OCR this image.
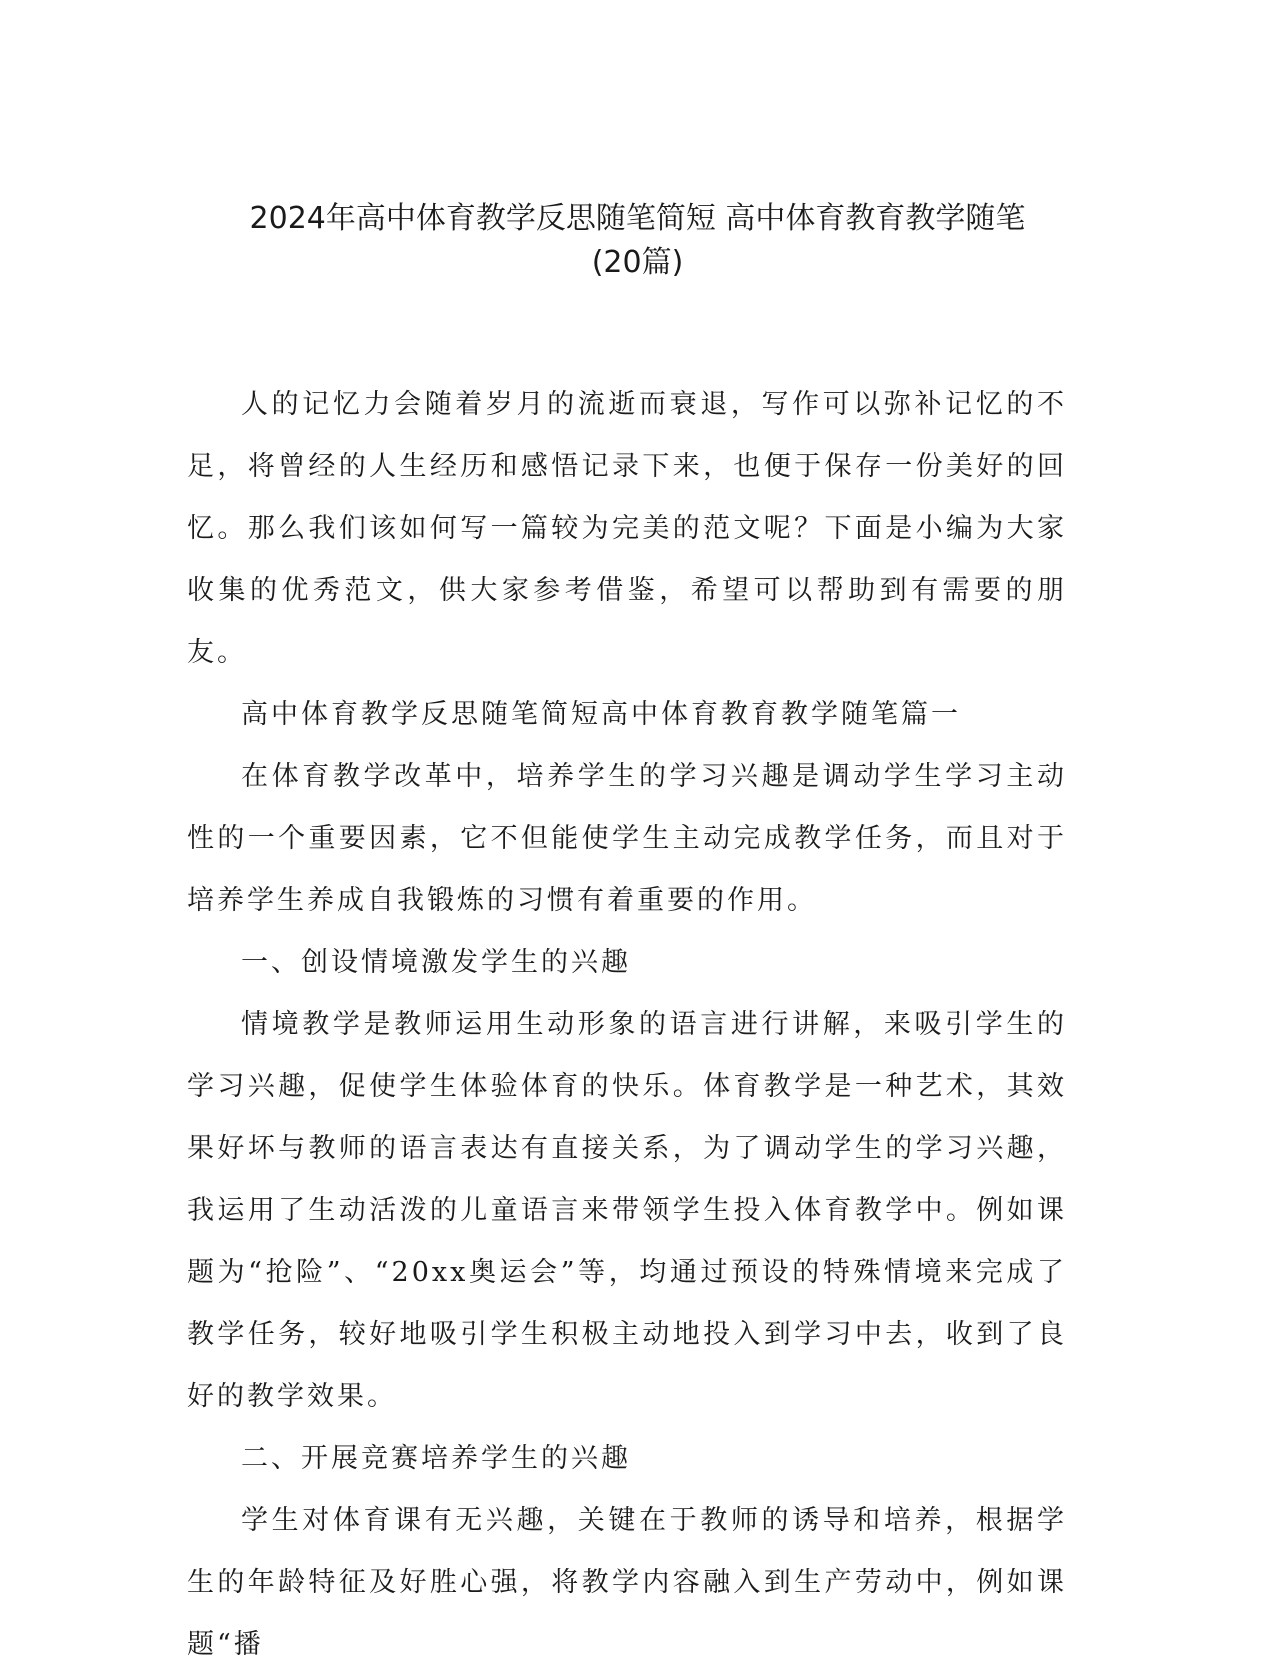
2024年高中体育教学反思随笔简短 高中体育教育教学随笔
(20篇)

人的记忆力会随着岁月的流逝而衰退，写作可以弥补记忆的不足，将曾经的人生经历和感悟记录下来，也便于保存一份美好的回忆。那么我们该如何写一篇较为完美的范文呢？下面是小编为大家收集的优秀范文，供大家参考借鉴，希望可以帮助到有需要的朋友。

高中体育教学反思随笔简短高中体育教育教学随笔篇一

在体育教学改革中，培养学生的学习兴趣是调动学生学习主动性的一个重要因素，它不但能使学生主动完成教学任务，而且对于培养学生养成自我锻炼的习惯有着重要的作用。

一、创设情境激发学生的兴趣

情境教学是教师运用生动形象的语言进行讲解，来吸引学生的学习兴趣，促使学生体验体育的快乐。体育教学是一种艺术，其效果好坏与教师的语言表达有直接关系，为了调动学生的学习兴趣，我运用了生动活泼的儿童语言来带领学生投入体育教学中。例如课题为“抢险”、“20xx奥运会”等，均通过预设的特殊情境来完成了教学任务，较好地吸引学生积极主动地投入到学习中去，收到了良好的教学效果。

二、开展竞赛培养学生的兴趣

学生对体育课有无兴趣，关键在于教师的诱导和培养，根据学生的年龄特征及好胜心强，将教学内容融入到生产劳动中，例如课题“播
